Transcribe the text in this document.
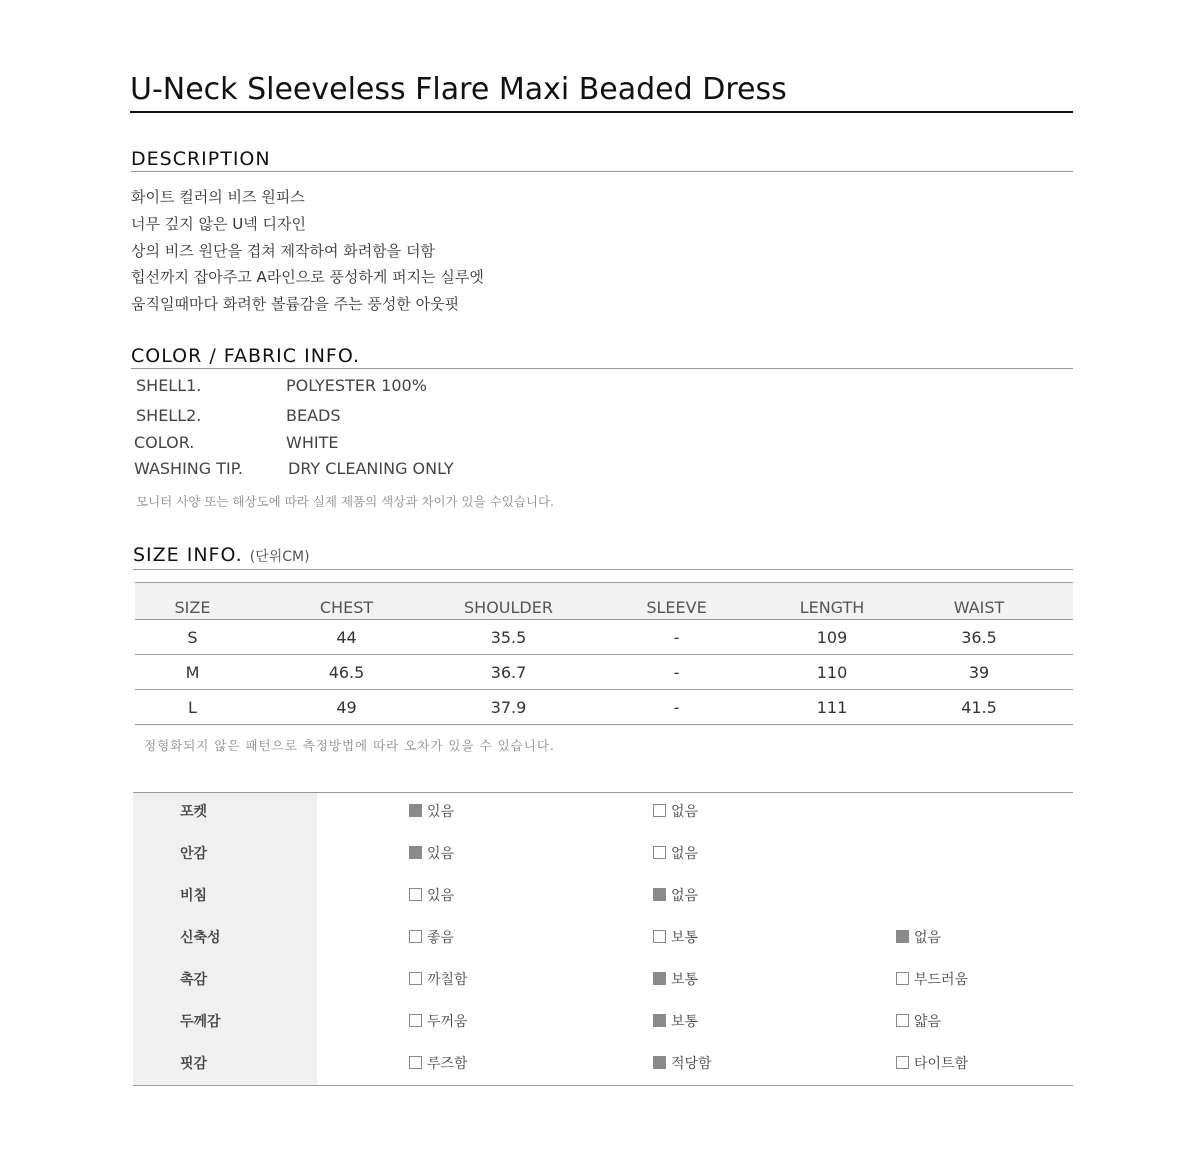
U-Neck Sleeveless Flare Maxi Beaded Dress
DESCRIPTION
화이트 컬러의 비즈 원피스
너무 깊지 않은 U넥 디자인
상의 비즈 원단을 겹쳐 제작하여 화려함을 더함
힙선까지 잡아주고 A라인으로 풍성하게 퍼지는 실루엣
움직일때마다 화려한 볼륨감을 주는 풍성한 아웃핏
COLOR / FABRIC INFO.
SHELL1.	POLYESTER 100%
SHELL2.	BEADS
COLOR.	WHITE
WASHING TIP.	DRY CLEANING ONLY
모니터 사양 또는 해상도에 따라 실제 제품의 색상과 차이가 있을 수있습니다.
SIZE INFO. (단위CM)
SIZE	CHEST	SHOULDER	SLEEVE	LENGTH	WAIST
S	44	35.5	-	109	36.5
M	46.5	36.7	-	110	39
L	49	37.9	-	111	41.5
정형화되지 않은 패턴으로 측정방법에 따라 오차가 있을 수 있습니다.
포켓	있음	없음
안감	있음	없음
비침	있음	없음
신축성	좋음	보통	없음
촉감	까칠함	보통	부드러움
두께감	두꺼움	보통	얇음
핏감	루즈함	적당함	타이트함
